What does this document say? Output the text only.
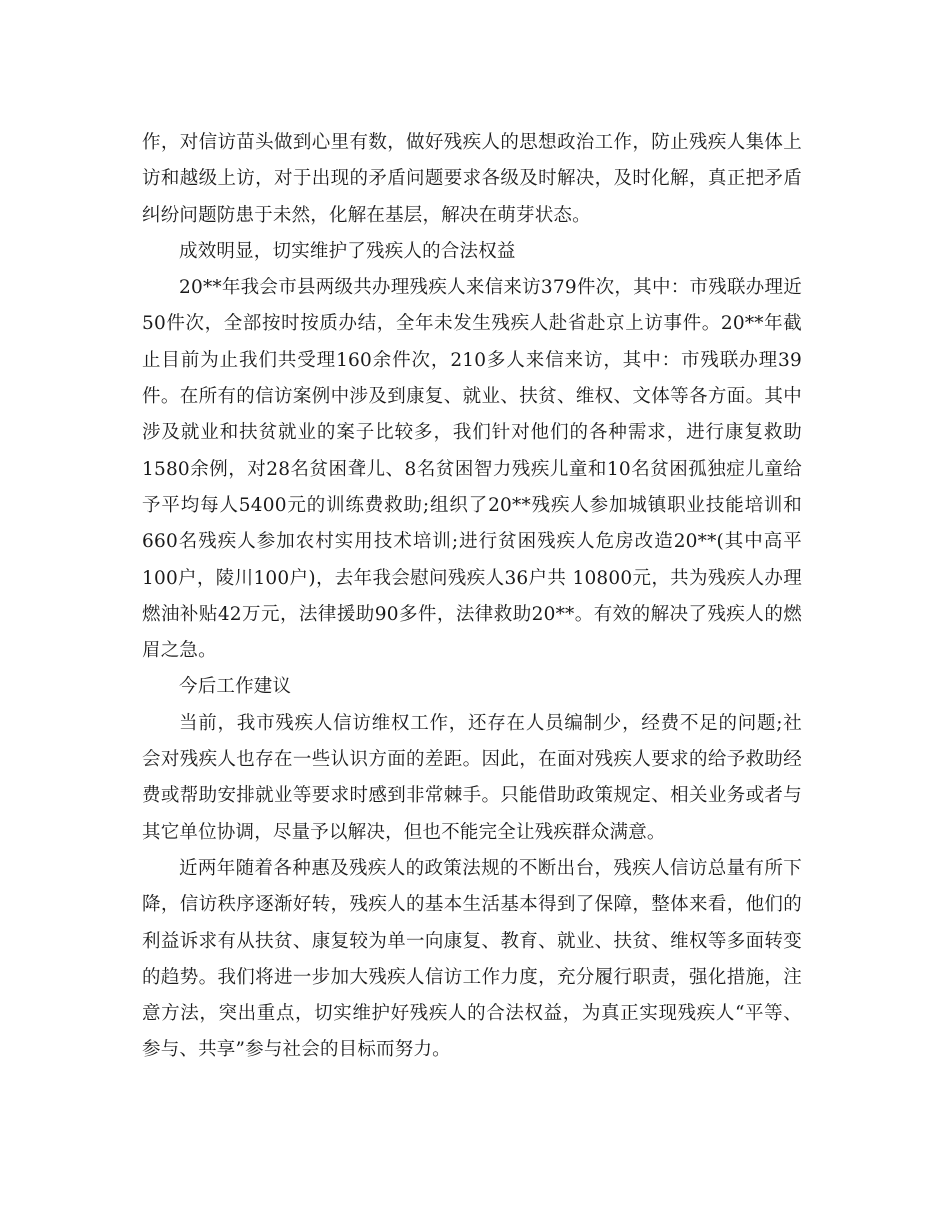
作，对信访苗头做到心里有数，做好残疾人的思想政治工作，防止残疾人集体上访和越级上访，对于出现的矛盾问题要求各级及时解决，及时化解，真正把矛盾纠纷问题防患于未然，化解在基层，解决在萌芽状态。

成效明显，切实维护了残疾人的合法权益

20**年我会市县两级共办理残疾人来信来访379件次，其中：市残联办理近50件次，全部按时按质办结，全年未发生残疾人赴省赴京上访事件。20**年截止目前为止我们共受理160余件次，210多人来信来访，其中：市残联办理39 件。在所有的信访案例中涉及到康复、就业、扶贫、维权、文体等各方面。其中涉及就业和扶贫就业的案子比较多，我们针对他们的各种需求，进行康复救助 1580余例，对28名贫困聋儿、8名贫困智力残疾儿童和10名贫困孤独症儿童给予平均每人5400元的训练费救助;组织了20**残疾人参加城镇职业技能培训和660名残疾人参加农村实用技术培训;进行贫困残疾人危房改造20**(其中高平100户，陵川100户)，去年我会慰问残疾人36户共 10800元，共为残疾人办理燃油补贴42万元，法律援助90多件，法律救助20**。有效的解决了残疾人的燃眉之急。

今后工作建议

当前，我市残疾人信访维权工作，还存在人员编制少，经费不足的问题;社会对残疾人也存在一些认识方面的差距。因此，在面对残疾人要求的给予救助经费或帮助安排就业等要求时感到非常棘手。只能借助政策规定、相关业务或者与其它单位协调，尽量予以解决，但也不能完全让残疾群众满意。

近两年随着各种惠及残疾人的政策法规的不断出台，残疾人信访总量有所下降，信访秩序逐渐好转，残疾人的基本生活基本得到了保障，整体来看，他们的利益诉求有从扶贫、康复较为单一向康复、教育、就业、扶贫、维权等多面转变的趋势。我们将进一步加大残疾人信访工作力度，充分履行职责，强化措施，注意方法，突出重点，切实维护好残疾人的合法权益，为真正实现残疾人“平等、参与、共享”参与社会的目标而努力。
